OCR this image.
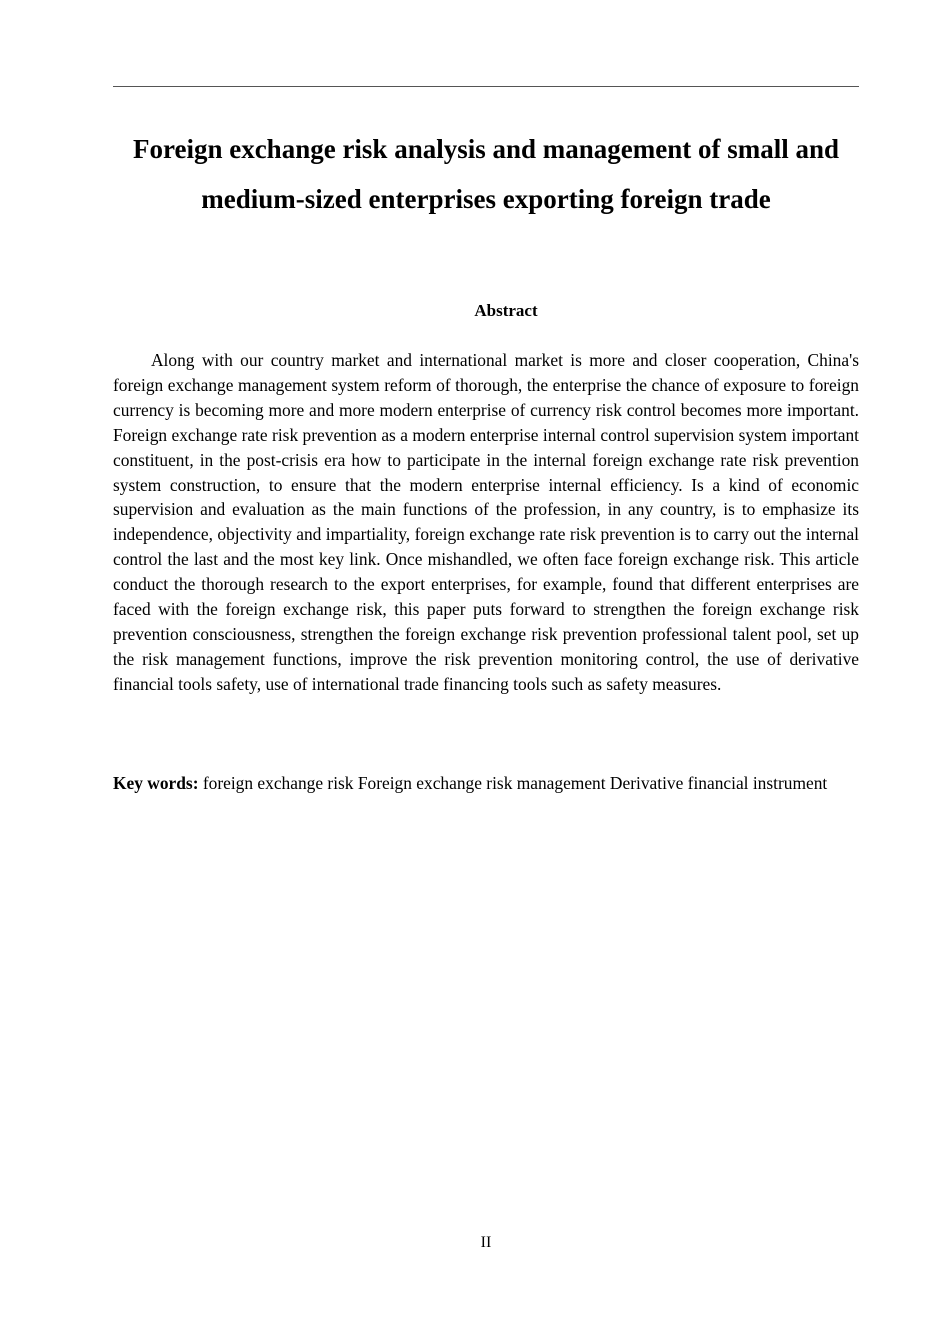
Foreign exchange risk analysis and management of small and medium-sized enterprises exporting foreign trade
Abstract

Along with our country market and international market is more and closer cooperation, China's foreign exchange management system reform of thorough, the enterprise the chance of exposure to foreign currency is becoming more and more modern enterprise of currency risk control becomes more important. Foreign exchange rate risk prevention as a modern enterprise internal control supervision system important constituent, in the post-crisis era how to participate in the internal foreign exchange rate risk prevention system construction, to ensure that the modern enterprise internal efficiency. Is a kind of economic supervision and evaluation as the main functions of the profession, in any country, is to emphasize its independence, objectivity and impartiality, foreign exchange rate risk prevention is to carry out the internal control the last and the most key link. Once mishandled, we often face foreign exchange risk. This article conduct the thorough research to the export enterprises, for example, found that different enterprises are faced with the foreign exchange risk, this paper puts forward to strengthen the foreign exchange risk prevention consciousness, strengthen the foreign exchange risk prevention professional talent pool, set up the risk management functions, improve the risk prevention monitoring control, the use of derivative financial tools safety, use of international trade financing tools such as safety measures.

Key words: foreign exchange risk Foreign exchange risk management Derivative financial instrument

II
